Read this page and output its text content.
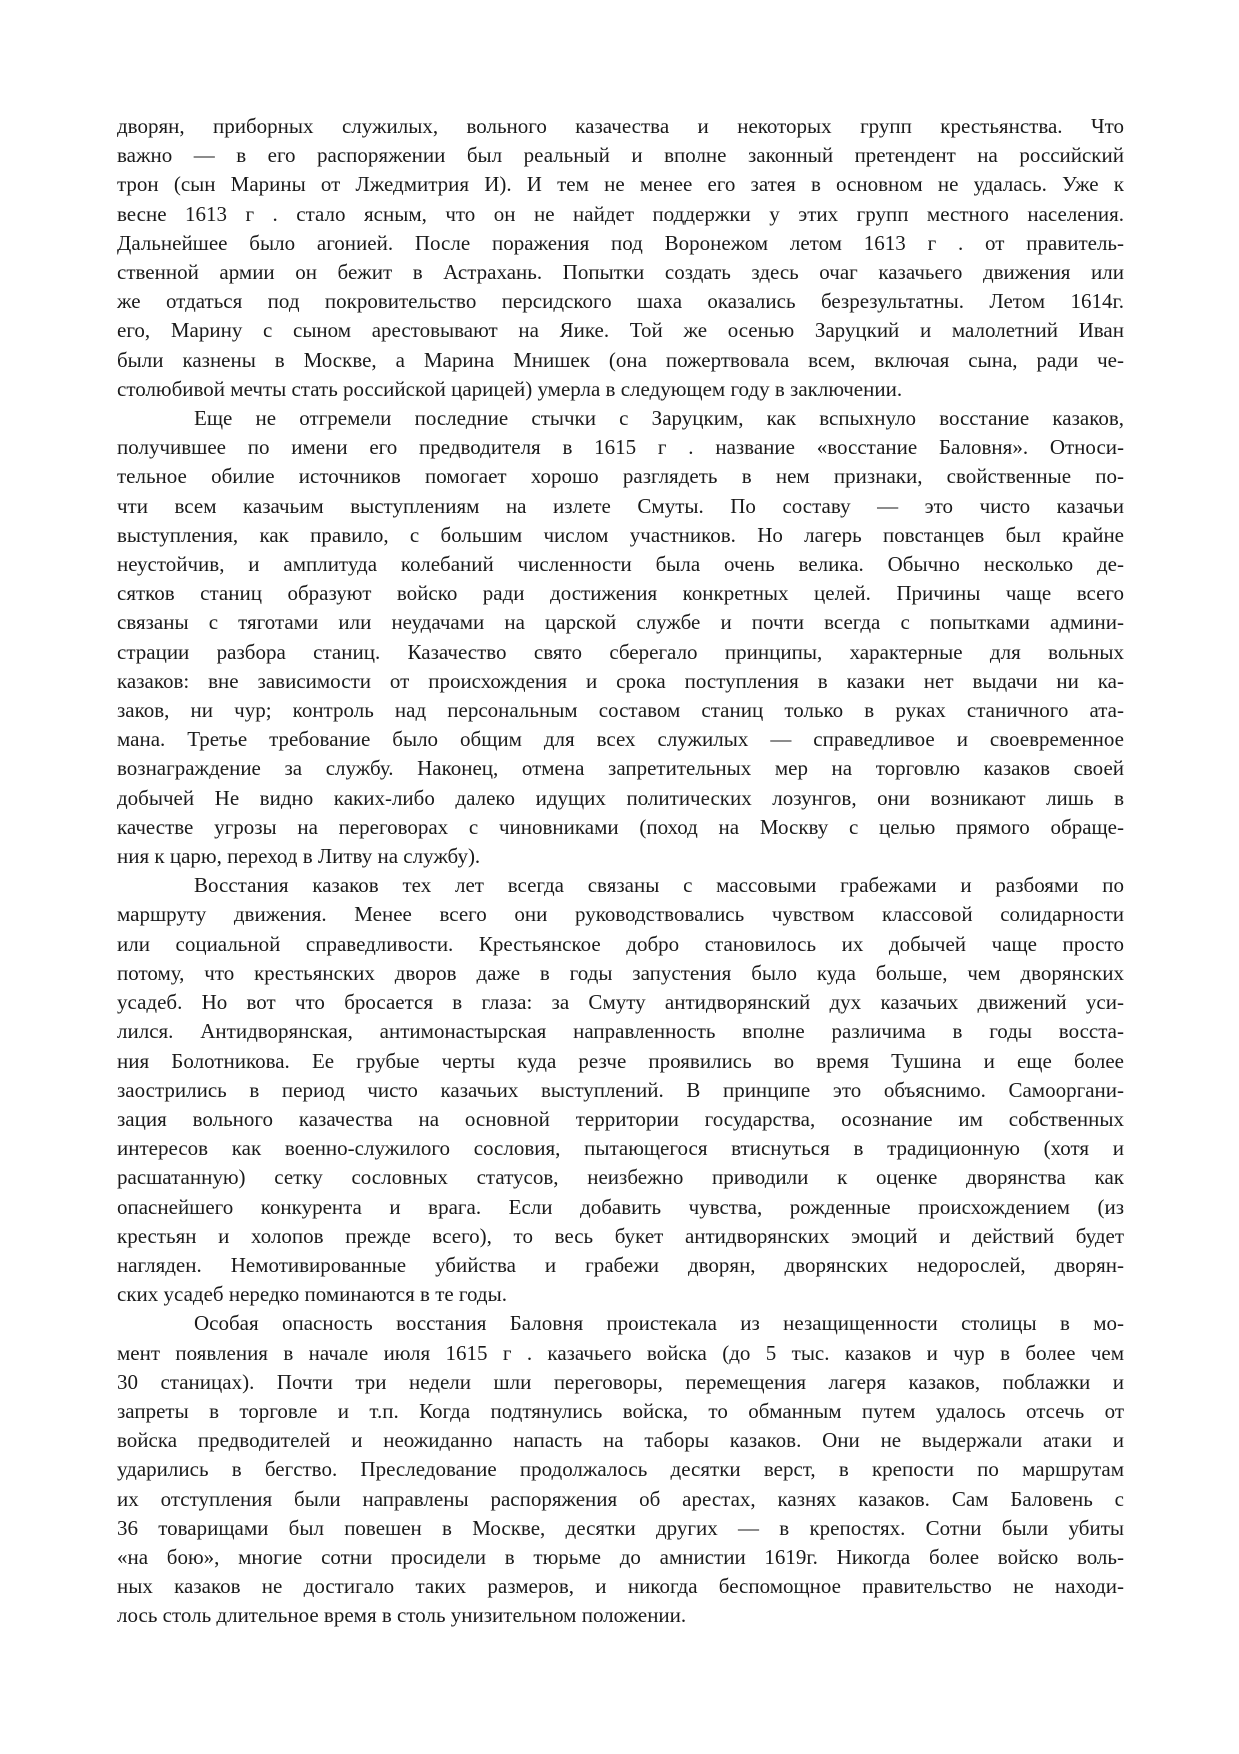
дворян, приборных служилых, вольного казачества и некоторых групп крестьянства. Что
важно — в его распоряжении был реальный и вполне законный претендент на российский
трон (сын Марины от Лжедмитрия И). И тем не менее его затея в основном не удалась. Уже к
весне 1613 г . стало ясным, что он не найдет поддержки у этих групп местного населения.
Дальнейшее было агонией. После поражения под Воронежом летом 1613 г . от правитель-
ственной армии он бежит в Астрахань. Попытки создать здесь очаг казачьего движения или
же отдаться под покровительство персидского шаха оказались безрезультатны. Летом 1614г.
его, Марину с сыном арестовывают на Яике. Той же осенью Заруцкий и малолетний Иван
были казнены в Москве, а Марина Мнишек (она пожертвовала всем, включая сына, ради че-
столюбивой мечты стать российской царицей) умерла в следующем году в заключении.
Еще не отгремели последние стычки с Заруцким, как вспыхнуло восстание казаков,
получившее по имени его предводителя в 1615 г . название «восстание Баловня». Относи-
тельное обилие источников помогает хорошо разглядеть в нем признаки, свойственные по-
чти всем казачьим выступлениям на излете Смуты. По составу — это чисто казачьи
выступления, как правило, с большим числом участников. Но лагерь повстанцев был крайне
неустойчив, и амплитуда колебаний численности была очень велика. Обычно несколько де-
сятков станиц образуют войско ради достижения конкретных целей. Причины чаще всего
связаны с тяготами или неудачами на царской службе и почти всегда с попытками админи-
страции разбора станиц. Казачество свято сберегало принципы, характерные для вольных
казаков: вне зависимости от происхождения и срока поступления в казаки нет выдачи ни ка-
заков, ни чур; контроль над персональным составом станиц только в руках станичного ата-
мана. Третье требование было общим для всех служилых — справедливое и своевременное
вознаграждение за службу. Наконец, отмена запретительных мер на торговлю казаков своей
добычей Не видно каких-либо далеко идущих политических лозунгов, они возникают лишь в
качестве угрозы на переговорах с чиновниками (поход на Москву с целью прямого обраще-
ния к царю, переход в Литву на службу).
Восстания казаков тех лет всегда связаны с массовыми грабежами и разбоями по
маршруту движения. Менее всего они руководствовались чувством классовой солидарности
или социальной справедливости. Крестьянское добро становилось их добычей чаще просто
потому, что крестьянских дворов даже в годы запустения было куда больше, чем дворянских
усадеб. Но вот что бросается в глаза: за Смуту антидворянский дух казачьих движений уси-
лился. Антидворянская, антимонастырская направленность вполне различима в годы восста-
ния Болотникова. Ее грубые черты куда резче проявились во время Тушина и еще более
заострились в период чисто казачьих выступлений. В принципе это объяснимо. Самооргани-
зация вольного казачества на основной территории государства, осознание им собственных
интересов как военно-служилого сословия, пытающегося втиснуться в традиционную (хотя и
расшатанную) сетку сословных статусов, неизбежно приводили к оценке дворянства как
опаснейшего конкурента и врага. Если добавить чувства, рожденные происхождением (из
крестьян и холопов прежде всего), то весь букет антидворянских эмоций и действий будет
нагляден. Немотивированные убийства и грабежи дворян, дворянских недорослей, дворян-
ских усадеб нередко поминаются в те годы.
Особая опасность восстания Баловня проистекала из незащищенности столицы в мо-
мент появления в начале июля 1615 г . казачьего войска (до 5 тыс. казаков и чур в более чем
30 станицах). Почти три недели шли переговоры, перемещения лагеря казаков, поблажки и
запреты в торговле и т.п. Когда подтянулись войска, то обманным путем удалось отсечь от
войска предводителей и неожиданно напасть на таборы казаков. Они не выдержали атаки и
ударились в бегство. Преследование продолжалось десятки верст, в крепости по маршрутам
их отступления были направлены распоряжения об арестах, казнях казаков. Сам Баловень с
36 товарищами был повешен в Москве, десятки других — в крепостях. Сотни были убиты
«на бою», многие сотни просидели в тюрьме до амнистии 1619г. Никогда более войско воль-
ных казаков не достигало таких размеров, и никогда беспомощное правительство не находи-
лось столь длительное время в столь унизительном положении.
